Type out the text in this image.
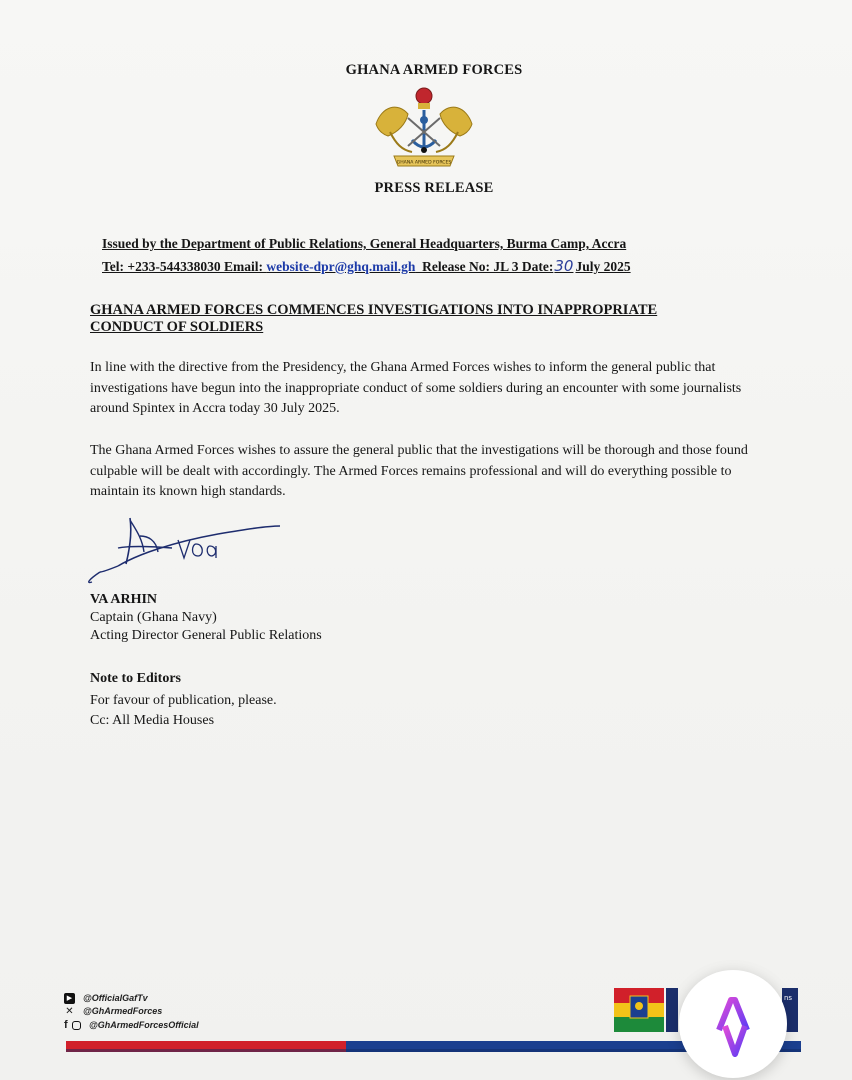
GHANA ARMED FORCES
GHANA ARMED FORCES
PRESS RELEASE
Issued by the Department of Public Relations, General Headquarters, Burma Camp, Accra
Tel: +233-544338030 Email: website-dpr@ghq.mail.gh  Release No: JL 3 Date:30 July 2025
GHANA ARMED FORCES COMMENCES INVESTIGATIONS INTO INAPPROPRIATE
CONDUCT OF SOLDIERS
In line with the directive from the Presidency, the Ghana Armed Forces wishes to inform the general public that investigations have begun into the inappropriate conduct of some soldiers during an encounter with some journalists around Spintex in Accra today 30 July 2025.
The Ghana Armed Forces wishes to assure the general public that the investigations will be thorough and those found culpable will be dealt with accordingly. The Armed Forces remains professional and will do everything possible to maintain its known high standards.
VA ARHIN
Captain (Ghana Navy)
Acting Director General Public Relations
Note to Editors
For favour of publication, please.
Cc: All Media Houses
▶ @OfficialGafTv
✕ @GhArmedForces
f @GhArmedForcesOfficial
ns
